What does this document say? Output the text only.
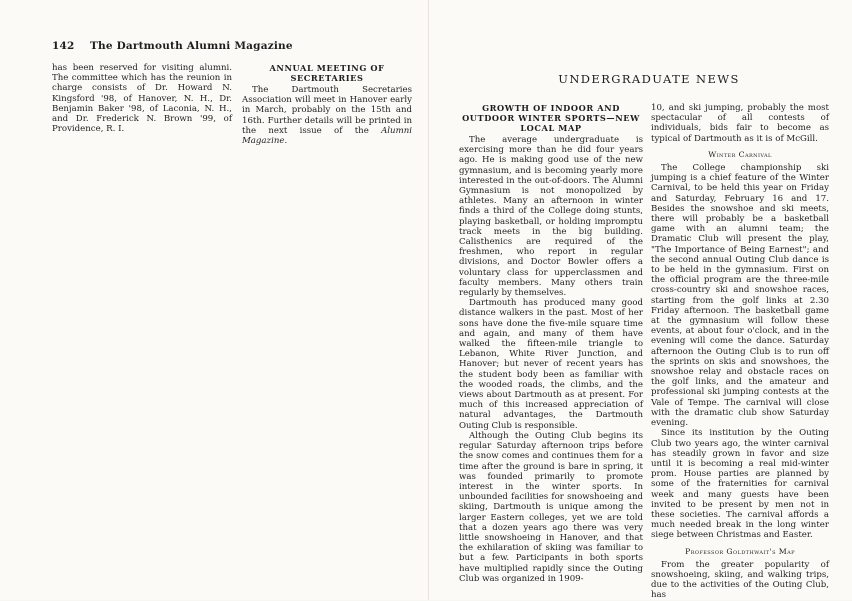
142 The Dartmouth Alumni Magazine

has been reserved for visiting alumni. The committee which has the reunion in charge consists of Dr. Howard N. Kingsford '98, of Hanover, N. H., Dr. Benjamin Baker '98, of Laconia, N. H., and Dr. Frederick N. Brown '99, of Providence, R. I.

ANNUAL MEETING OF SECRETARIES

The Dartmouth Secretaries Association will meet in Hanover early in March, probably on the 15th and 16th. Further details will be printed in the next issue of the Alumni Magazine.

UNDERGRADUATE NEWS
GROWTH OF INDOOR AND OUTDOOR WINTER SPORTS—NEW LOCAL MAP

The average undergraduate is exercising more than he did four years ago. He is making good use of the new gymnasium, and is becoming yearly more interested in the out-of-doors. The Alumni Gymnasium is not monopolized by athletes. Many an afternoon in winter finds a third of the College doing stunts, playing basketball, or holding impromptu track meets in the big building. Calisthenics are required of the freshmen, who report in regular divisions, and Doctor Bowler offers a voluntary class for upperclassmen and faculty members. Many others train regularly by themselves.

Dartmouth has produced many good distance walkers in the past. Most of her sons have done the five-mile square time and again, and many of them have walked the fifteen-mile triangle to Lebanon, White River Junction, and Hanover; but never of recent years has the student body been as familiar with the wooded roads, the climbs, and the views about Dartmouth as at present. For much of this increased appreciation of natural advantages, the Dartmouth Outing Club is responsible.

Although the Outing Club begins its regular Saturday afternoon trips before the snow comes and continues them for a time after the ground is bare in spring, it was founded primarily to promote interest in the winter sports. In unbounded facilities for snowshoeing and skiing, Dartmouth is unique among the larger Eastern colleges, yet we are told that a dozen years ago there was very little snowshoeing in Hanover, and that the exhilaration of skiing was familiar to but a few. Participants in both sports have multiplied rapidly since the Outing Club was organized in 1909-

10, and ski jumping, probably the most spectacular of all contests of individuals, bids fair to become as typical of Dartmouth as it is of McGill.

Winter Carnival

The College championship ski jumping is a chief feature of the Winter Carnival, to be held this year on Friday and Saturday, February 16 and 17. Besides the snowshoe and ski meets, there will probably be a basketball game with an alumni team; the Dramatic Club will present the play, "The Importance of Being Earnest"; and the second annual Outing Club dance is to be held in the gymnasium. First on the official program are the three-mile cross-country ski and snowshoe races, starting from the golf links at 2.30 Friday afternoon. The basketball game at the gymnasium will follow these events, at about four o'clock, and in the evening will come the dance. Saturday afternoon the Outing Club is to run off the sprints on skis and snowshoes, the snowshoe relay and obstacle races on the golf links, and the amateur and professional ski jumping contests at the Vale of Tempe. The carnival will close with the dramatic club show Saturday evening.

Since its institution by the Outing Club two years ago, the winter carnival has steadily grown in favor and size until it is becoming a real mid-winter prom. House parties are planned by some of the fraternities for carnival week and many guests have been invited to be present by men not in these societies. The carnival affords a much needed break in the long winter siege between Christmas and Easter.

Professor Goldthwait's Map

From the greater popularity of snowshoeing, skiing, and walking trips, due to the activities of the Outing Club, has
